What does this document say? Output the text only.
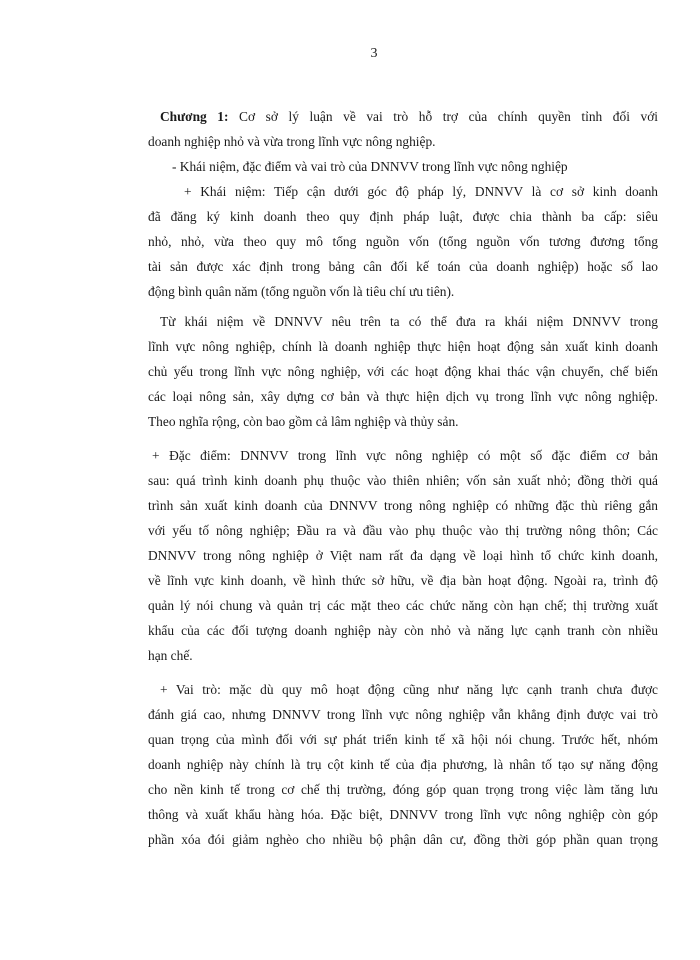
3

Chương 1: Cơ sở lý luận về vai trò hỗ trợ của chính quyền tỉnh đối với
doanh nghiệp nhỏ và vừa trong lĩnh vực nông nghiệp.

- Khái niệm, đặc điểm và vai trò của DNNVV trong lĩnh vực nông nghiệp

+ Khái niệm: Tiếp cận dưới góc độ pháp lý, DNNVV là cơ sở kinh doanh
đã đăng ký kinh doanh theo quy định pháp luật, được chia thành ba cấp: siêu
nhỏ, nhỏ, vừa theo quy mô tổng nguồn vốn (tổng nguồn vốn tương đương tổng
tài sản được xác định trong bảng cân đối kế toán của doanh nghiệp) hoặc số lao
động bình quân năm (tổng nguồn vốn là tiêu chí ưu tiên).

Từ khái niệm về DNNVV nêu trên ta có thể đưa ra khái niệm DNNVV trong
lĩnh vực nông nghiệp, chính là doanh nghiệp thực hiện hoạt động sản xuất kinh doanh
chủ yếu trong lĩnh vực nông nghiệp, với các hoạt động khai thác vận chuyển, chế biến
các loại nông sản, xây dựng cơ bản và thực hiện dịch vụ trong lĩnh vực nông nghiệp.
Theo nghĩa rộng, còn bao gồm cả lâm nghiệp và thủy sản.

+ Đặc điểm: DNNVV trong lĩnh vực nông nghiệp có một số đặc điểm cơ bản
sau: quá trình kinh doanh phụ thuộc vào thiên nhiên; vốn sản xuất nhỏ; đồng thời quá
trình sản xuất kinh doanh của DNNVV trong nông nghiệp có những đặc thù riêng gắn
với yếu tố nông nghiệp; Đầu ra và đầu vào phụ thuộc vào thị trường nông thôn; Các
DNNVV trong nông nghiệp ở Việt nam rất đa dạng về loại hình tổ chức kinh doanh,
về lĩnh vực kinh doanh, về hình thức sở hữu, về địa bàn hoạt động. Ngoài ra, trình độ
quản lý nói chung và quản trị các mặt theo các chức năng còn hạn chế; thị trường xuất
khẩu của các đối tượng doanh nghiệp này còn nhỏ và năng lực cạnh tranh còn nhiều
hạn chế.

+ Vai trò: mặc dù quy mô hoạt động cũng như năng lực cạnh tranh chưa được
đánh giá cao, nhưng DNNVV trong lĩnh vực nông nghiệp vẫn khẳng định được vai trò
quan trọng của mình đối với sự phát triển kinh tế xã hội nói chung. Trước hết, nhóm
doanh nghiệp này chính là trụ cột kinh tế của địa phương, là nhân tố tạo sự năng động
cho nền kinh tế trong cơ chế thị trường, đóng góp quan trọng trong việc làm tăng lưu
thông và xuất khẩu hàng hóa. Đặc biệt, DNNVV trong lĩnh vực nông nghiệp còn góp
phần xóa đói giảm nghèo cho nhiều bộ phận dân cư, đồng thời góp phần quan trọng
